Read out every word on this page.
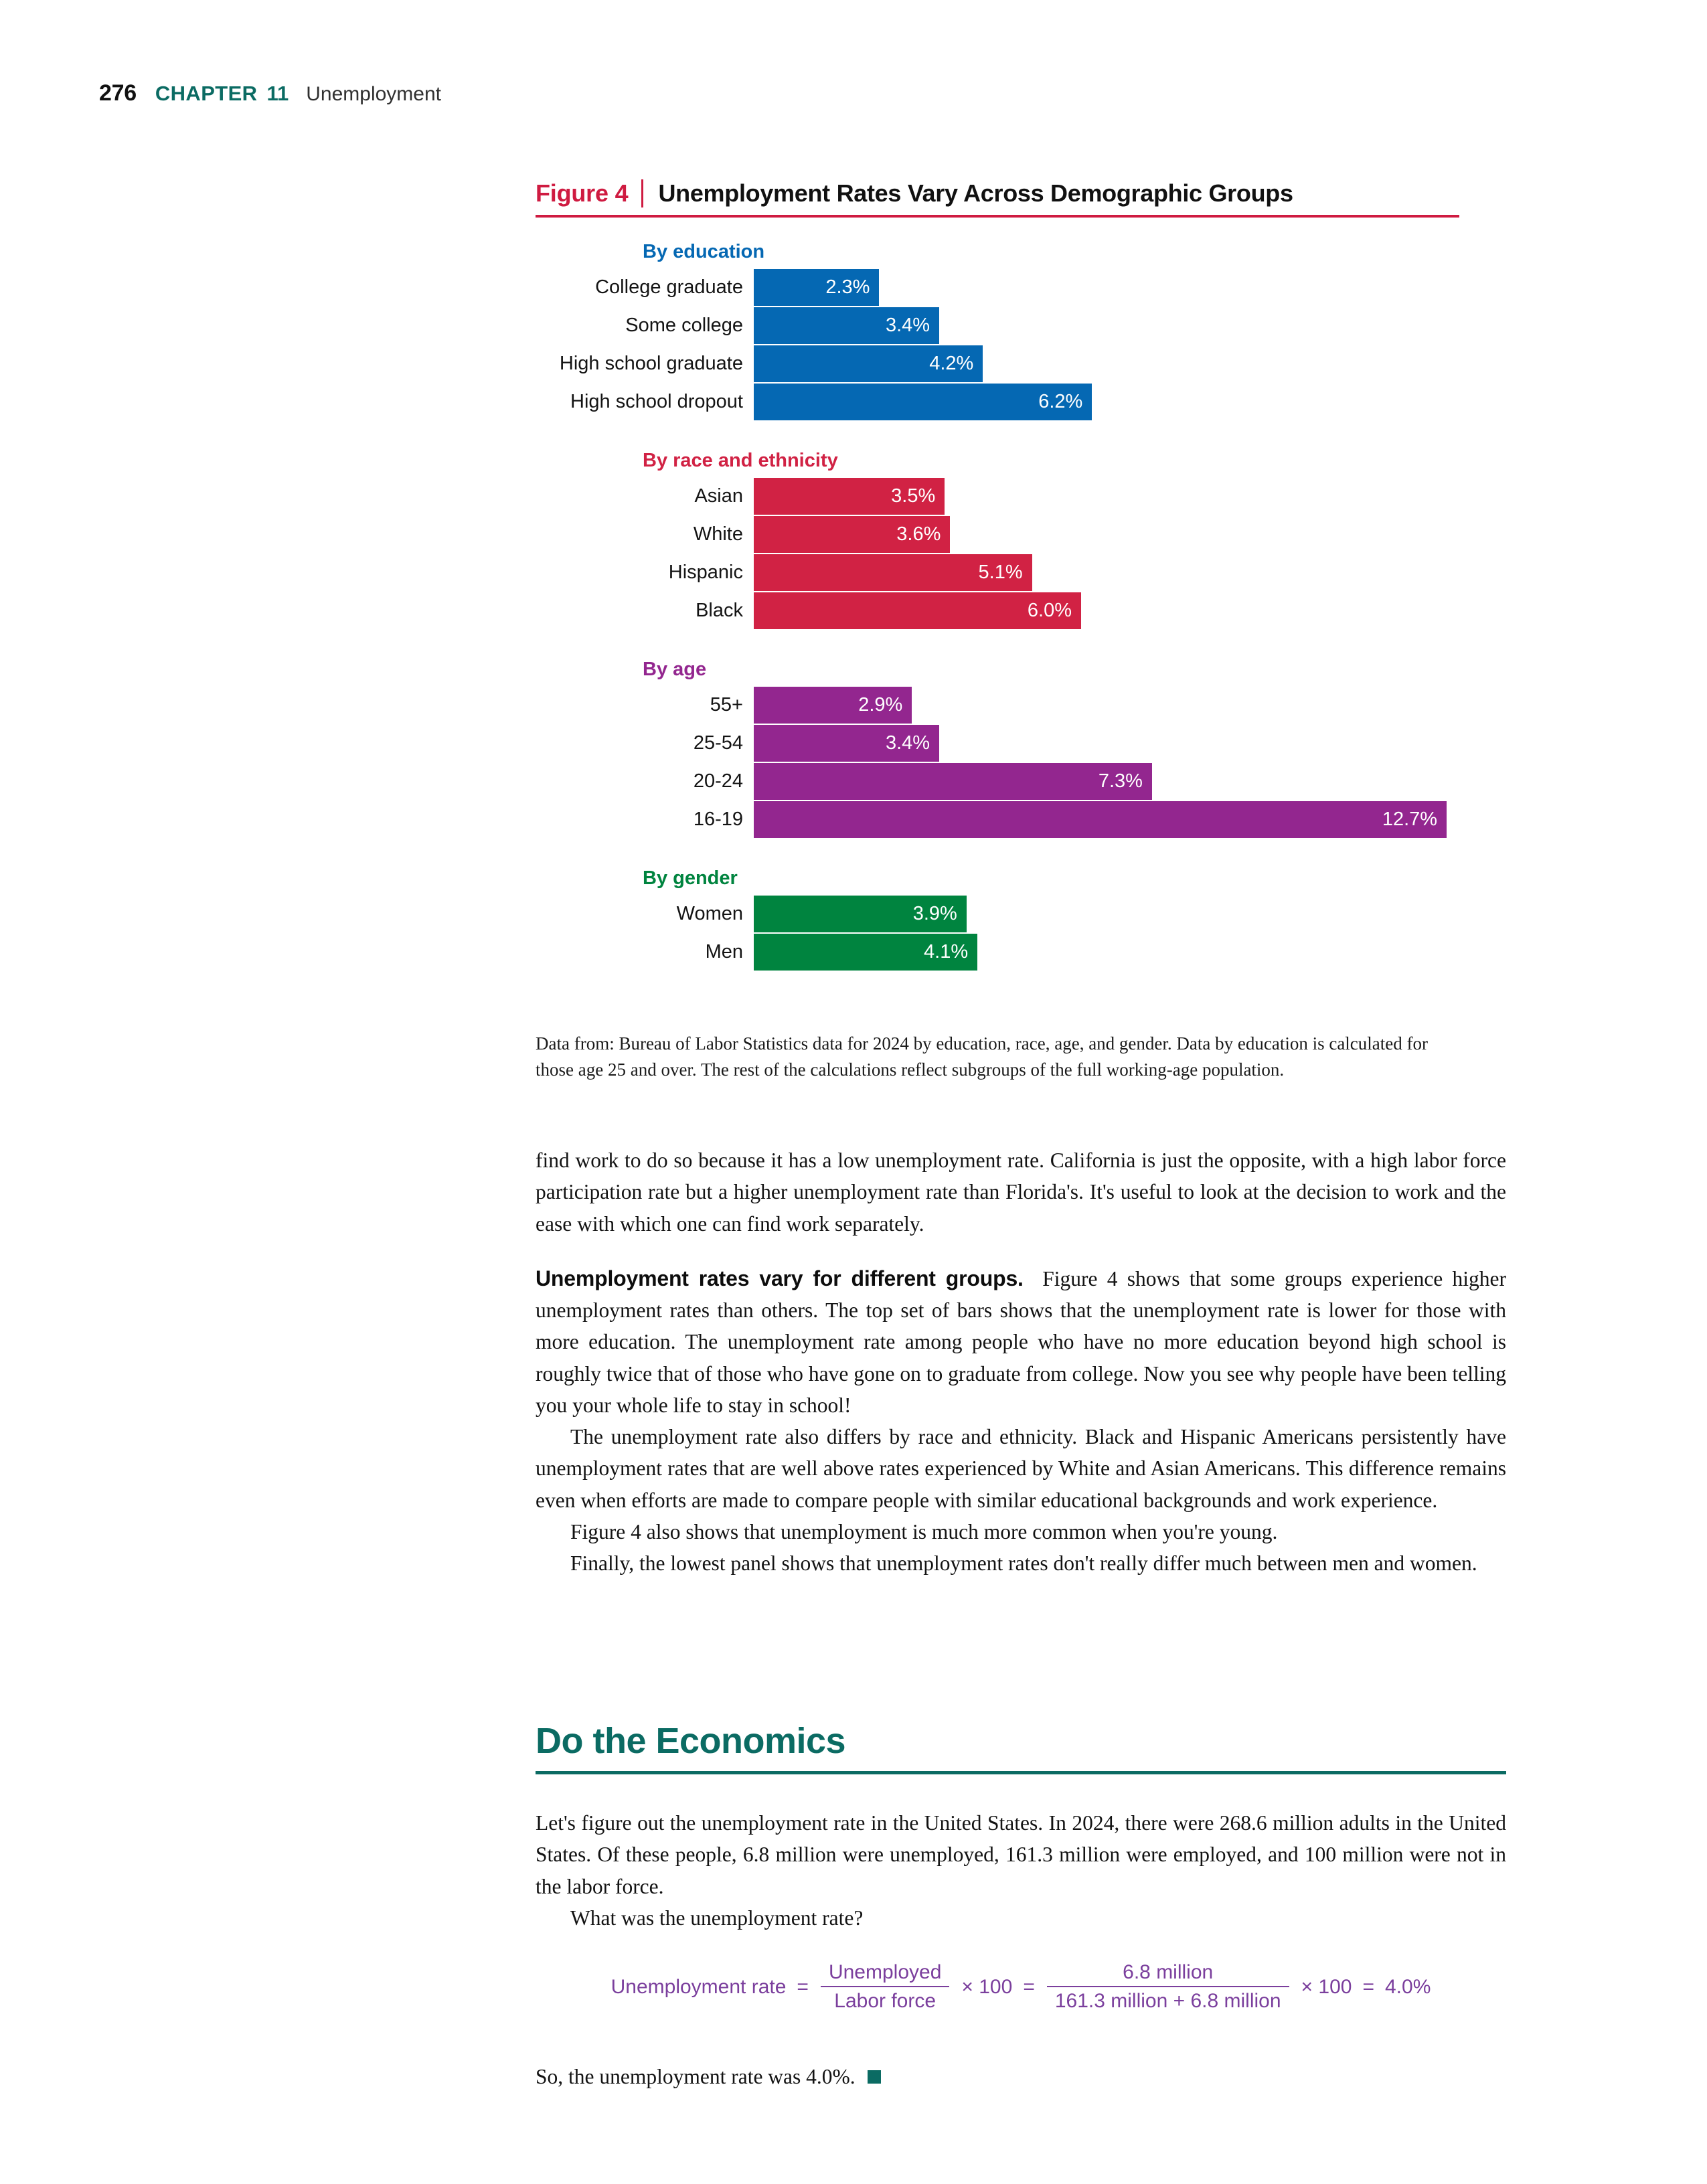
276 CHAPTER 11 Unemployment
Figure 4	Unemployment Rates Vary Across Demographic Groups
By education
College graduate	2.3%
Some college	3.4%
High school graduate	4.2%
High school dropout	6.2%
By race and ethnicity
Asian	3.5%
White	3.6%
Hispanic	5.1%
Black	6.0%
By age
55+	2.9%
25-54	3.4%
20-24	7.3%
16-19	12.7%
By gender
Women	3.9%
Men	4.1%
Data from: Bureau of Labor Statistics data for 2024 by education, race, age, and gender. Data by education is calculated for those age 25 and over. The rest of the calculations reflect subgroups of the full working-age population.

find work to do so because it has a low unemployment rate. California is just the opposite, with a high labor force participation rate but a higher unemployment rate than Florida's. It's useful to look at the decision to work and the ease with which one can find work separately.

Unemployment rates vary for different groups. Figure 4 shows that some groups experience higher unemployment rates than others. The top set of bars shows that the unemployment rate is lower for those with more education. The unemployment rate among people who have no more education beyond high school is roughly twice that of those who have gone on to graduate from college. Now you see why people have been telling you your whole life to stay in school!

The unemployment rate also differs by race and ethnicity. Black and Hispanic Americans persistently have unemployment rates that are well above rates experienced by White and Asian Americans. This difference remains even when efforts are made to compare people with similar educational backgrounds and work experience.

Figure 4 also shows that unemployment is much more common when you're young.

Finally, the lowest panel shows that unemployment rates don't really differ much between men and women.

Do the Economics

Let's figure out the unemployment rate in the United States. In 2024, there were 268.6 million adults in the United States. Of these people, 6.8 million were unemployed, 161.3 million were employed, and 100 million were not in the labor force.

What was the unemployment rate?

Unemployment rate = $\frac{\text{Unemployed}}{\text{Labor force}} \times 100 = \frac{\text{6.8 million}}{\text{161.3 million + 6.8 million}} \times 100 = 4.0\%$
So, the unemployment rate was 4.0%.
